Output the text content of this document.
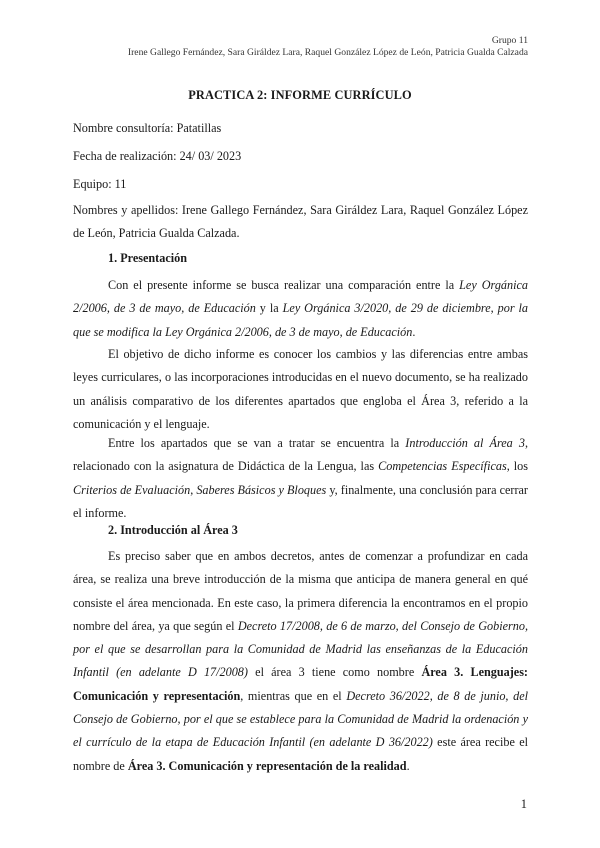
Grupo 11
Irene Gallego Fernández, Sara Giráldez Lara, Raquel González López de León, Patricia Gualda Calzada
PRACTICA 2: INFORME CURRÍCULO
Nombre consultoría: Patatillas
Fecha de realización: 24/ 03/ 2023
Equipo: 11
Nombres y apellidos: Irene Gallego Fernández, Sara Giráldez Lara, Raquel González López de León, Patricia Gualda Calzada.
1. Presentación
Con el presente informe se busca realizar una comparación entre la Ley Orgánica 2/2006, de 3 de mayo, de Educación y la Ley Orgánica 3/2020, de 29 de diciembre, por la que se modifica la Ley Orgánica 2/2006, de 3 de mayo, de Educación.
El objetivo de dicho informe es conocer los cambios y las diferencias entre ambas leyes curriculares, o las incorporaciones introducidas en el nuevo documento, se ha realizado un análisis comparativo de los diferentes apartados que engloba el Área 3, referido a la comunicación y el lenguaje.
Entre los apartados que se van a tratar se encuentra la Introducción al Área 3, relacionado con la asignatura de Didáctica de la Lengua, las Competencias Específicas, los Criterios de Evaluación, Saberes Básicos y Bloques y, finalmente, una conclusión para cerrar el informe.
2. Introducción al Área 3
Es preciso saber que en ambos decretos, antes de comenzar a profundizar en cada área, se realiza una breve introducción de la misma que anticipa de manera general en qué consiste el área mencionada. En este caso, la primera diferencia la encontramos en el propio nombre del área, ya que según el Decreto 17/2008, de 6 de marzo, del Consejo de Gobierno, por el que se desarrollan para la Comunidad de Madrid las enseñanzas de la Educación Infantil (en adelante D 17/2008) el área 3 tiene como nombre Área 3. Lenguajes: Comunicación y representación, mientras que en el Decreto 36/2022, de 8 de junio, del Consejo de Gobierno, por el que se establece para la Comunidad de Madrid la ordenación y el currículo de la etapa de Educación Infantil (en adelante D 36/2022) este área recibe el nombre de Área 3. Comunicación y representación de la realidad.
1
